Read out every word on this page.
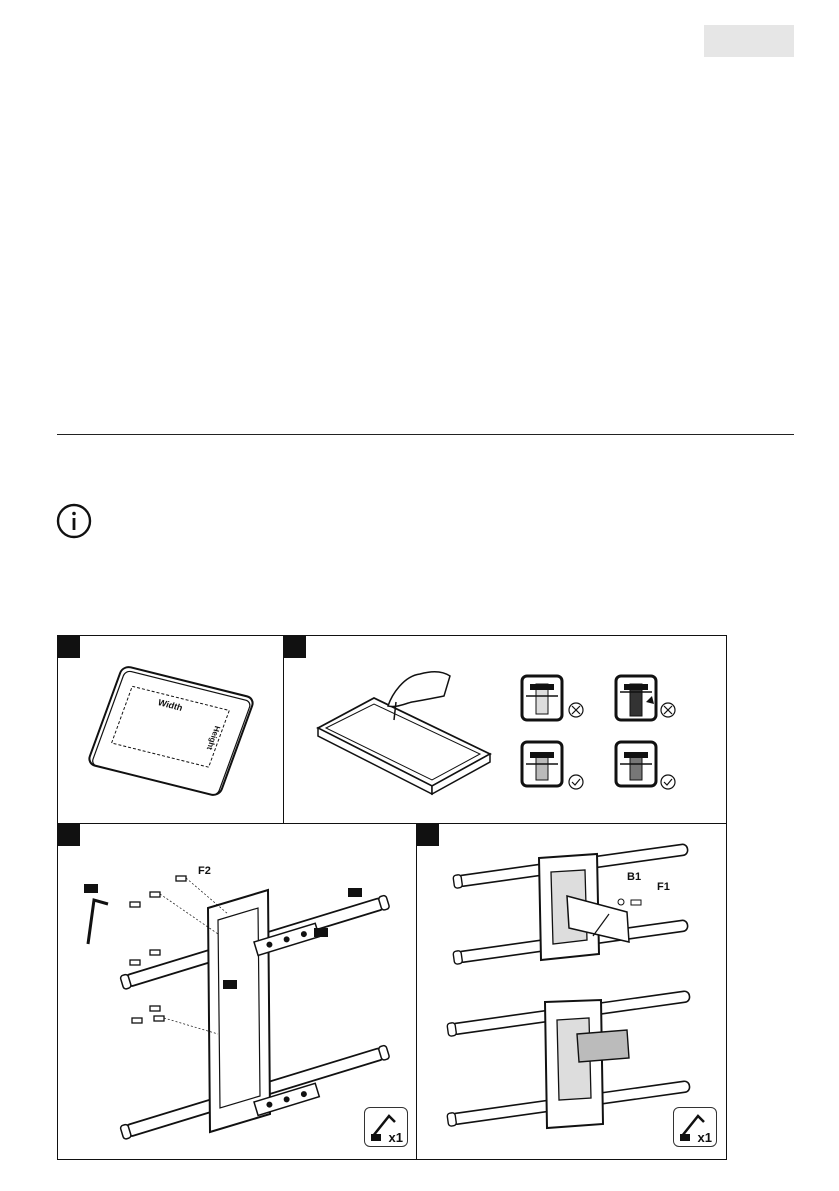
Width
Height
F2
x1
B1
F1
x1
